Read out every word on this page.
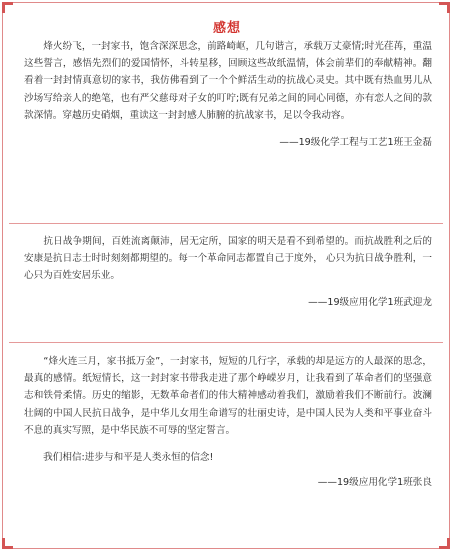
感想

　　烽火纷飞，一封家书，饱含深深思念，前路崎岖，几句谐言，承载万丈豪情;时光荏苒，重温这些誓言，感悟先烈们的爱国情怀，斗转星移，回顾这些故纸温情，体会前辈们的奉献精神。翻看着一封封情真意切的家书，我仿佛看到了一个个鲜活生动的抗战心灵史。其中既有热血男儿从沙场写给亲人的绝笔，也有严父慈母对子女的叮咛;既有兄弟之间的同心同德，亦有恋人之间的款款深情。穿越历史硝烟，重读这一封封感人肺腑的抗战家书，足以令我动容。

——19级化学工程与工艺1班王金磊

　　抗日战争期间，百姓流离颠沛，居无定所，国家的明天是看不到希望的。而抗战胜利之后的安康是抗日志士时时刻刻都期望的。每一个革命同志都置自己于度外， 心只为抗日战争胜利，一心只为百姓安居乐业。

——19级应用化学1班武迎龙

　　“烽火连三月，家书抵万金”，一封家书，短短的几行字，承载的却是远方的人最深的思念，最真的感情。纸短情长，这一封封家书带我走进了那个峥嵘岁月，让我看到了革命者们的坚强意志和铁骨柔情。历史的缩影，无数革命者们的伟大精神感动着我们，激励着我们不断前行。波澜壮阔的中国人民抗日战争，是中华儿女用生命谱写的壮丽史诗，是中国人民为人类和平事业奋斗不息的真实写照，是中华民族不可辱的坚定誓言。

　　我们相信:进步与和平是人类永恒的信念!

——19级应用化学1班张良
